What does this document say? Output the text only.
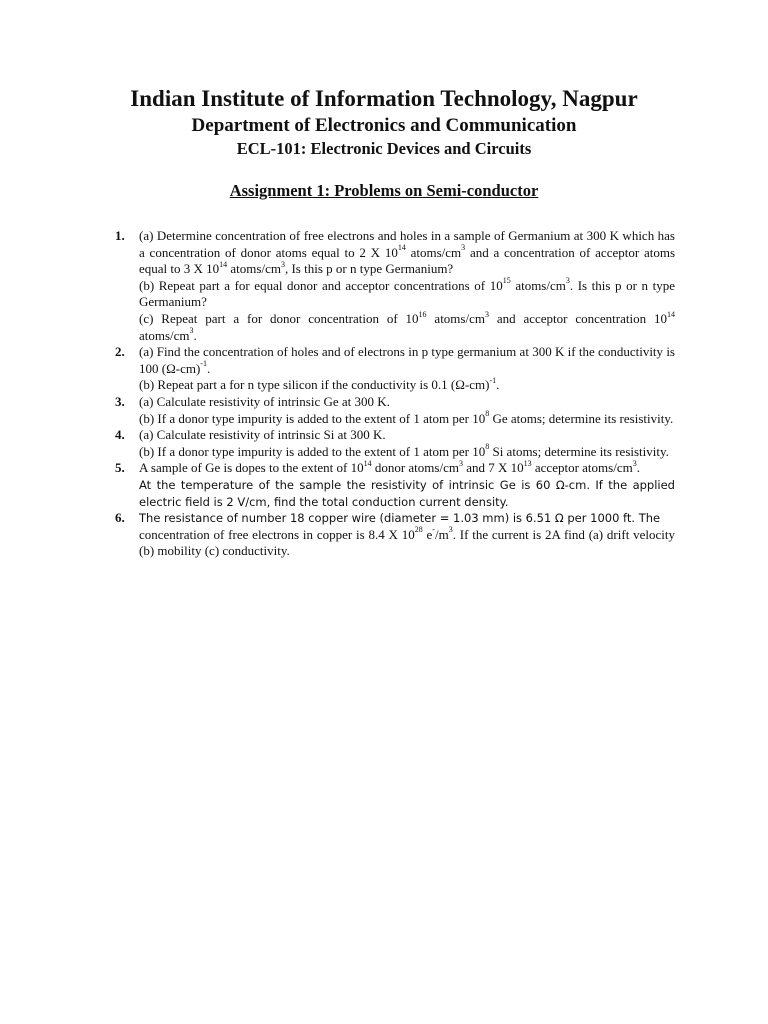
Indian Institute of Information Technology, Nagpur
Department of Electronics and Communication
ECL-101: Electronic Devices and Circuits
Assignment 1: Problems on Semi-conductor
1. (a) Determine concentration of free electrons and holes in a sample of Germanium at 300 K which has a concentration of donor atoms equal to 2 X $10^{14}$ atoms/$cm^3$ and a concentration of acceptor atoms equal to 3 X $10^{14}$ atoms/$cm^3$, Is this p or n type Germanium?
(b) Repeat part a for equal donor and acceptor concentrations of $10^{15}$ atoms/$cm^3$. Is this p or n type Germanium?
(c) Repeat part a for donor concentration of $10^{16}$ atoms/$cm^3$ and acceptor concentration $10^{14}$ atoms/$cm^3$.
2. (a) Find the concentration of holes and of electrons in p type germanium at 300 K if the conductivity is 100 $(\Omega-cm)^{-1}$.
(b) Repeat part a for n type silicon if the conductivity is 0.1 $(\Omega-cm)^{-1}$.
3. (a) Calculate resistivity of intrinsic Ge at 300 K.
(b) If a donor type impurity is added to the extent of 1 atom per $10^8$ Ge atoms; determine its resistivity.
4. (a) Calculate resistivity of intrinsic Si at 300 K.
(b) If a donor type impurity is added to the extent of 1 atom per $10^8$ Si atoms; determine its resistivity.
5. A sample of Ge is dopes to the extent of $10^{14}$ donor atoms/$cm^3$ and 7 X $10^{13}$ acceptor atoms/$cm^3$.
At the temperature of the sample the resistivity of intrinsic Ge is 60 Ω-cm. If the applied electric field is 2 V/cm, find the total conduction current density.
6. The resistance of number 18 copper wire (diameter = 1.03 mm) is 6.51 Ω per 1000 ft. The
concentration of free electrons in copper is 8.4 X $10^{28}$ $e^-/m^3$. If the current is 2A find (a) drift velocity (b) mobility (c) conductivity.
